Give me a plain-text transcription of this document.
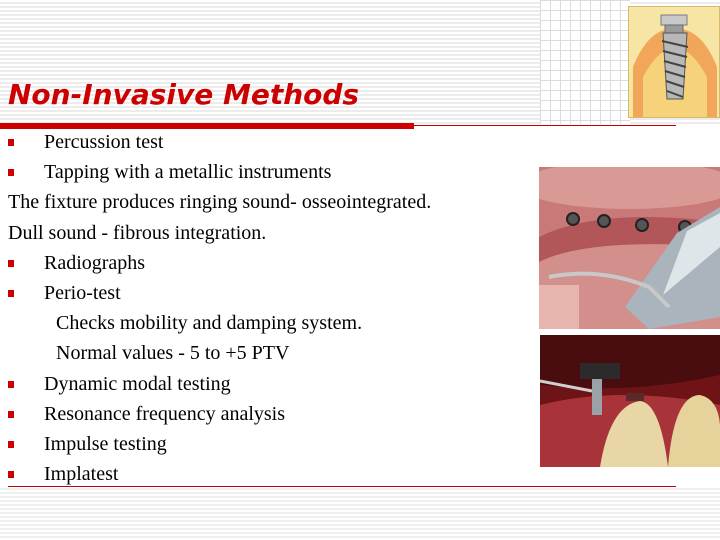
Non-Invasive Methods
Percussion test
Tapping with a metallic instruments
The fixture produces ringing sound- osseointegrated.
Dull sound - fibrous integration.
Radiographs
Perio-test
Checks mobility and damping system.
Normal values - 5 to +5 PTV
Dynamic modal testing
Resonance frequency analysis
Impulse testing
Implatest
